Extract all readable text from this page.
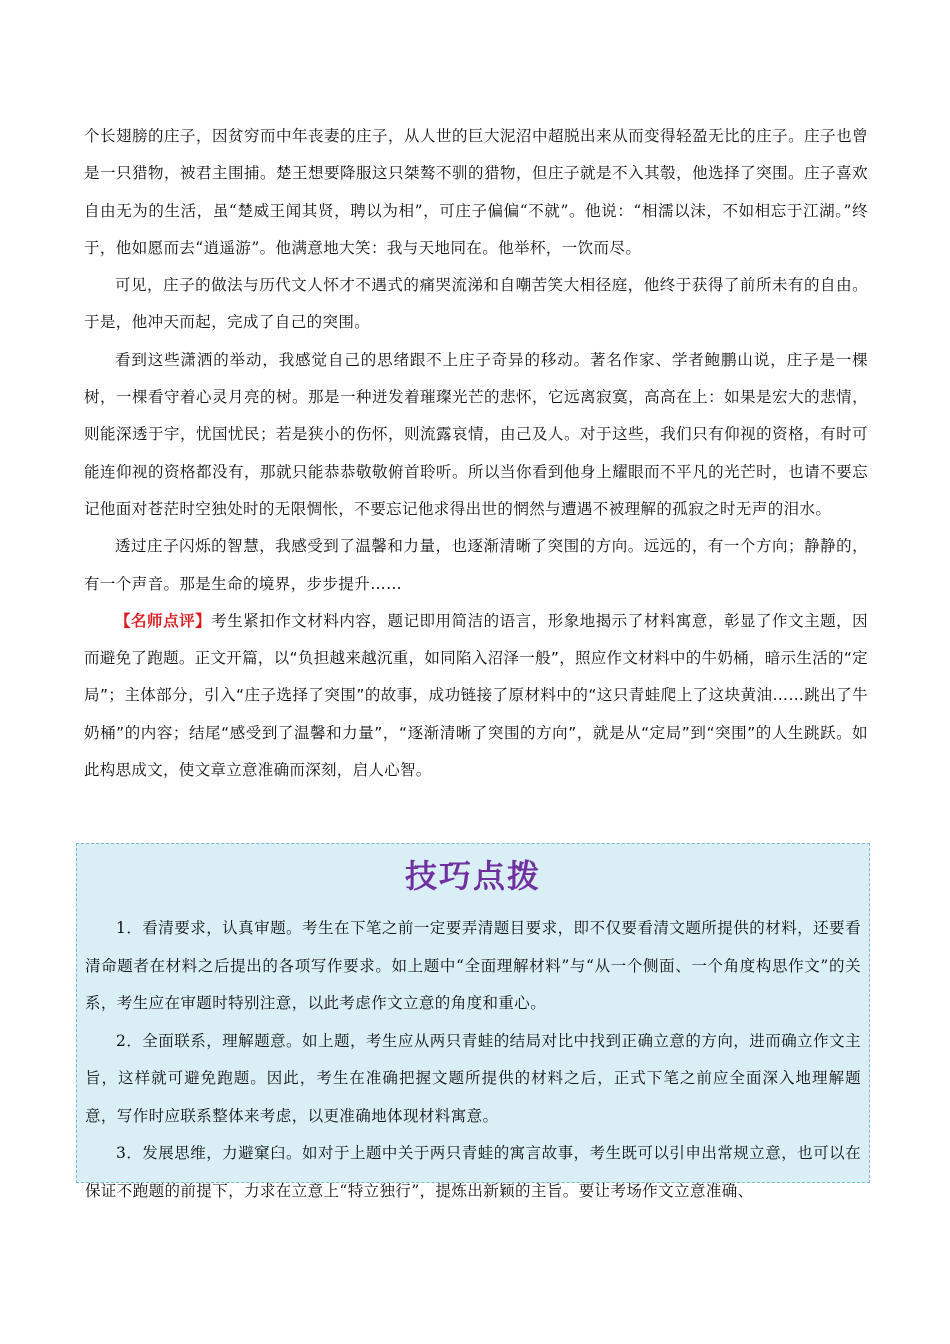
个长翅膀的庄子，因贫穷而中年丧妻的庄子，从人世的巨大泥沼中超脱出来从而变得轻盈无比的庄子。庄子也曾是一只猎物，被君主围捕。楚王想要降服这只桀骜不驯的猎物，但庄子就是不入其彀，他选择了突围。庄子喜欢自由无为的生活，虽“楚威王闻其贤，聘以为相”，可庄子偏偏“不就”。他说：“相濡以沫，不如相忘于江湖。”终于，他如愿而去“逍遥游”。他满意地大笑：我与天地同在。他举杯，一饮而尽。

可见，庄子的做法与历代文人怀才不遇式的痛哭流涕和自嘲苦笑大相径庭，他终于获得了前所未有的自由。于是，他冲天而起，完成了自己的突围。

看到这些潇洒的举动，我感觉自己的思绪跟不上庄子奇异的移动。著名作家、学者鲍鹏山说，庄子是一棵树，一棵看守着心灵月亮的树。那是一种迸发着璀璨光芒的悲怀，它远离寂寞，高高在上：如果是宏大的悲情，则能深透于宇，忧国忧民；若是狭小的伤怀，则流露哀情，由己及人。对于这些，我们只有仰视的资格，有时可能连仰视的资格都没有，那就只能恭恭敬敬俯首聆听。所以当你看到他身上耀眼而不平凡的光芒时，也请不要忘记他面对苍茫时空独处时的无限惆怅，不要忘记他求得出世的惘然与遭遇不被理解的孤寂之时无声的泪水。

透过庄子闪烁的智慧，我感受到了温馨和力量，也逐渐清晰了突围的方向。远远的，有一个方向；静静的，有一个声音。那是生命的境界，步步提升……

【名师点评】考生紧扣作文材料内容，题记即用简洁的语言，形象地揭示了材料寓意，彰显了作文主题，因而避免了跑题。正文开篇，以“负担越来越沉重，如同陷入沼泽一般”，照应作文材料中的牛奶桶，暗示生活的“定局”；主体部分，引入“庄子选择了突围”的故事，成功链接了原材料中的“这只青蛙爬上了这块黄油……跳出了牛奶桶”的内容；结尾“感受到了温馨和力量”，“逐渐清晰了突围的方向”，就是从“定局”到“突围”的人生跳跃。如此构思成文，使文章立意准确而深刻，启人心智。

技巧点拨

1．看清要求，认真审题。考生在下笔之前一定要弄清题目要求，即不仅要看清文题所提供的材料，还要看清命题者在材料之后提出的各项写作要求。如上题中“全面理解材料”与“从一个侧面、一个角度构思作文”的关系，考生应在审题时特别注意，以此考虑作文立意的角度和重心。

2．全面联系，理解题意。如上题，考生应从两只青蛙的结局对比中找到正确立意的方向，进而确立作文主旨，这样就可避免跑题。因此，考生在准确把握文题所提供的材料之后，正式下笔之前应全面深入地理解题意，写作时应联系整体来考虑，以更准确地体现材料寓意。

3．发展思维，力避窠臼。如对于上题中关于两只青蛙的寓言故事，考生既可以引申出常规立意，也可以在保证不跑题的前提下，力求在立意上“特立独行”，提炼出新颖的主旨。要让考场作文立意准确、
